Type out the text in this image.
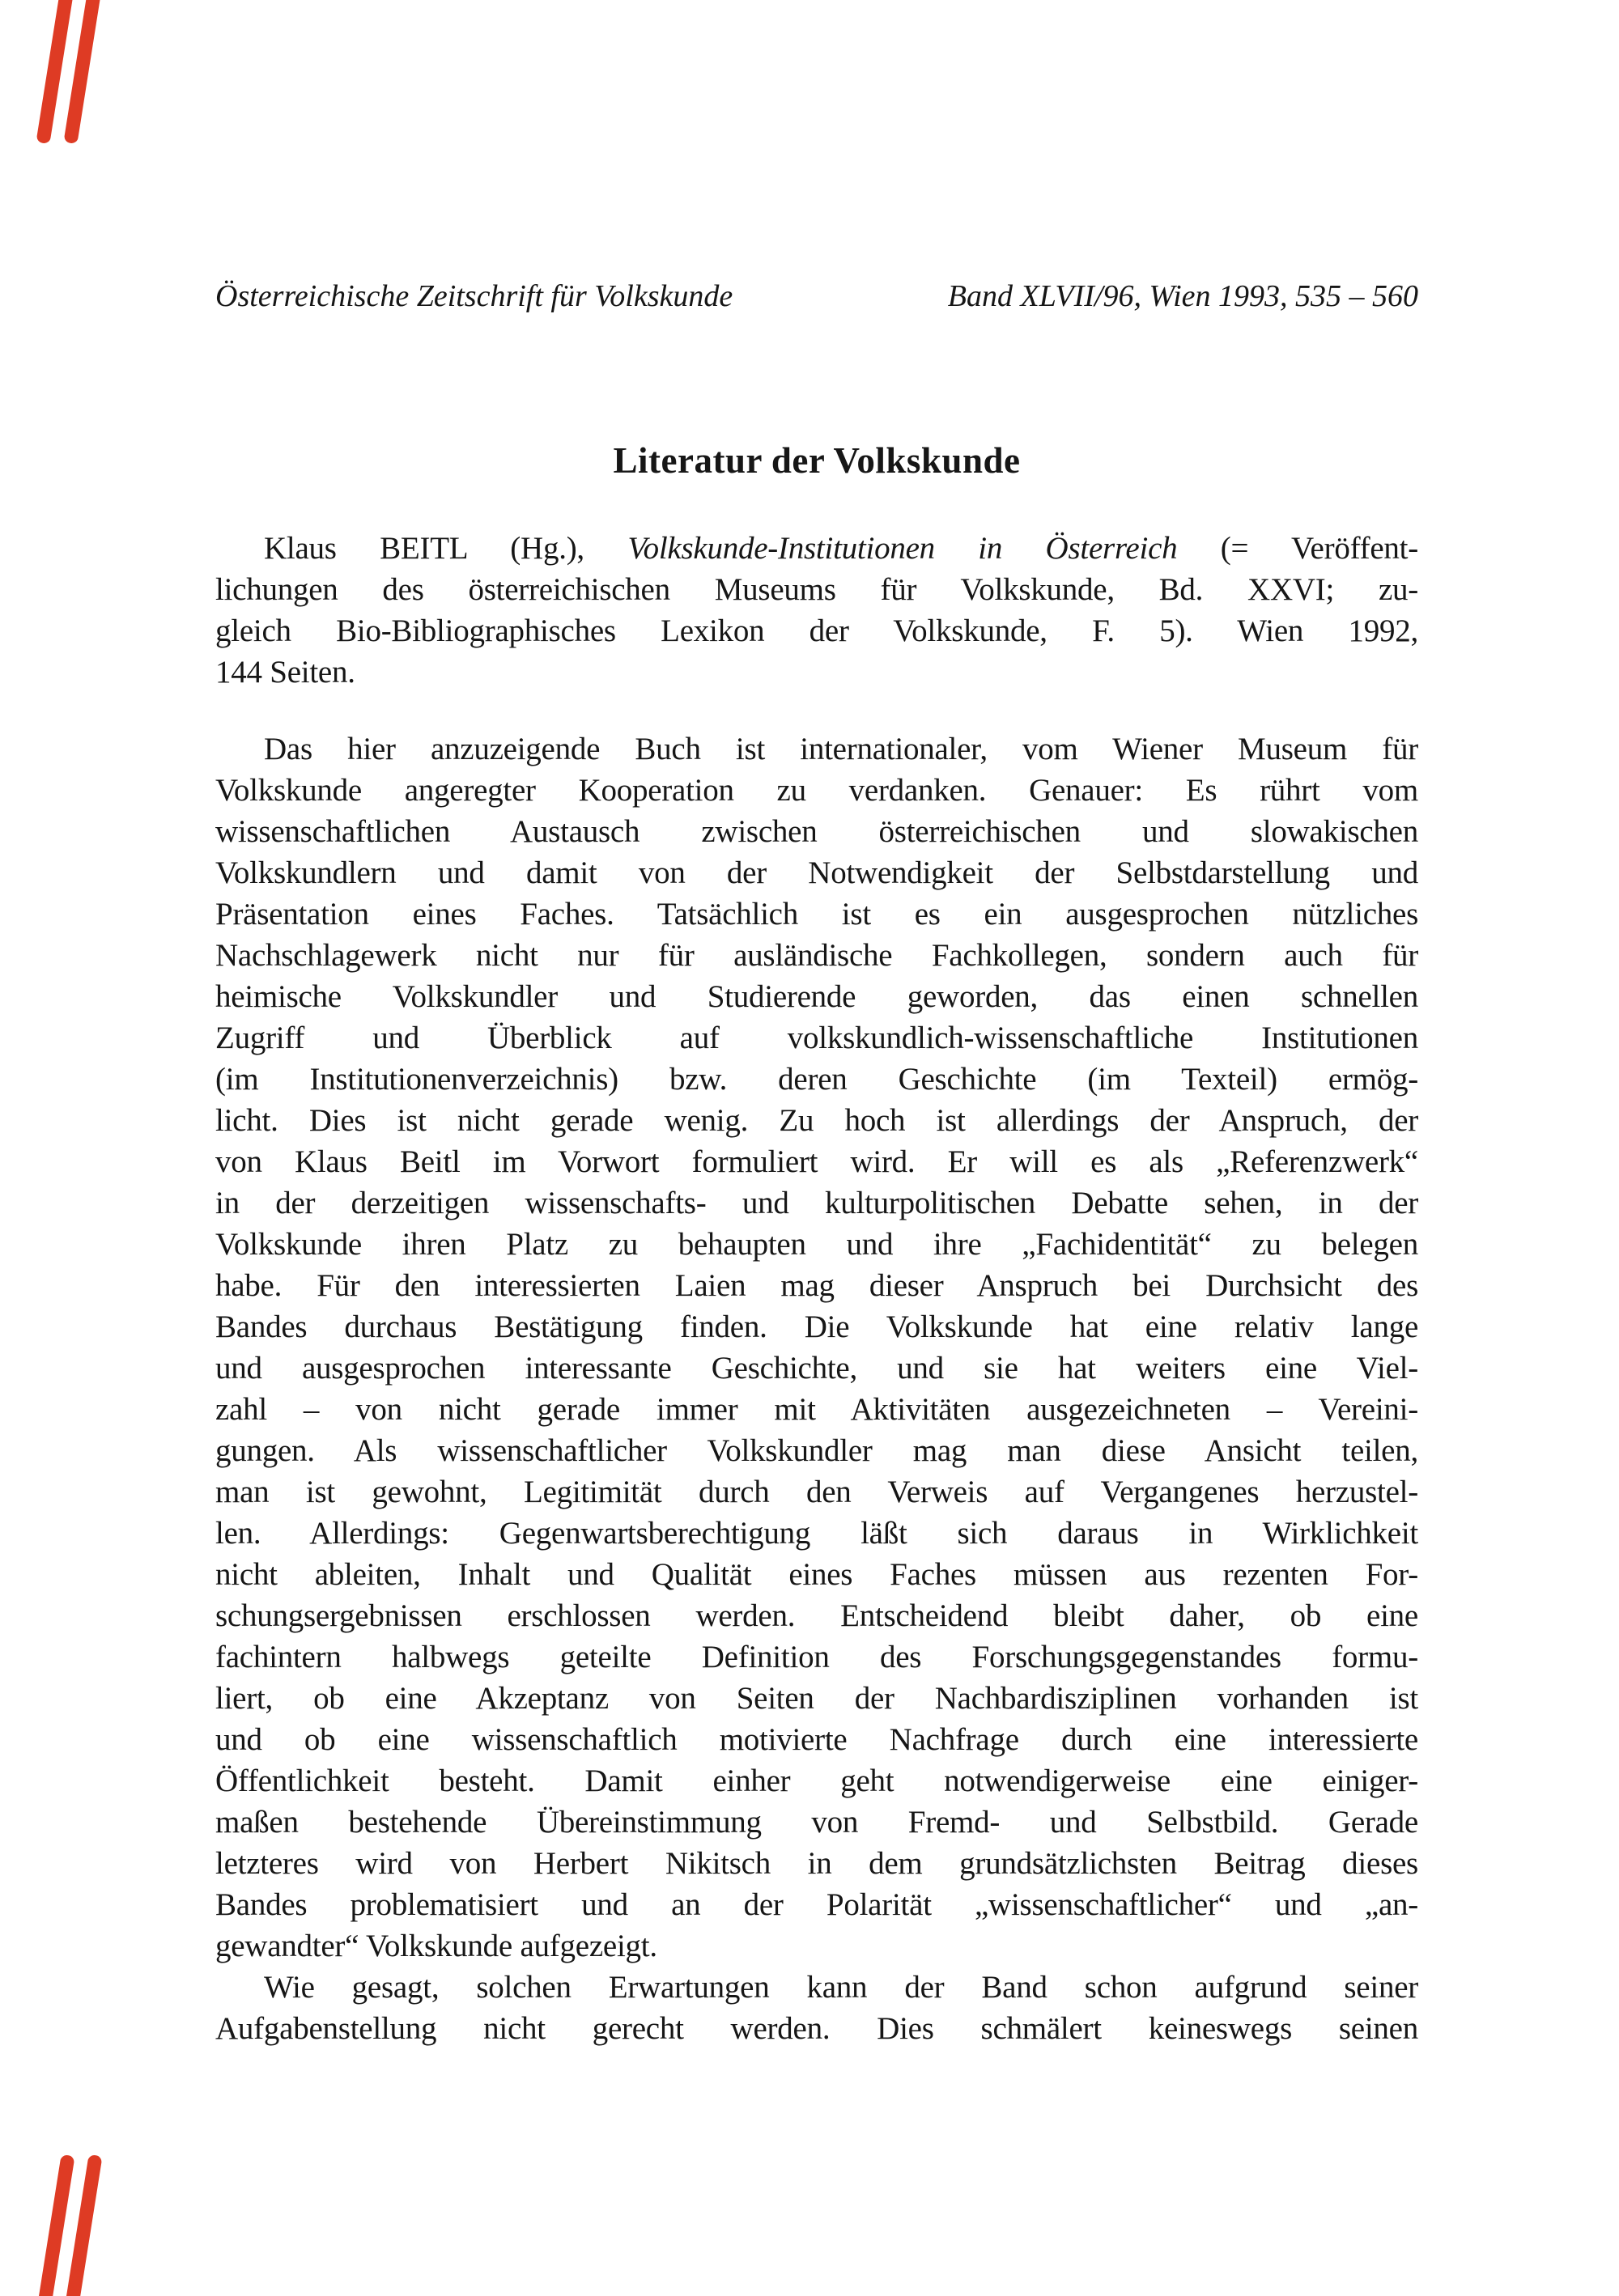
Österreichische Zeitschrift für Volkskunde	Band XLVII/96, Wien 1993, 535 – 560
Literatur der Volkskunde
Klaus BEITL (Hg.), Volkskunde-Institutionen in Österreich (= Veröffent-
lichungen des österreichischen Museums für Volkskunde, Bd. XXVI; zu-
gleich Bio-Bibliographisches Lexikon der Volkskunde, F. 5). Wien 1992,
144 Seiten.
Das hier anzuzeigende Buch ist internationaler, vom Wiener Museum für
Volkskunde angeregter Kooperation zu verdanken. Genauer: Es rührt vom
wissenschaftlichen Austausch zwischen österreichischen und slowakischen
Volkskundlern und damit von der Notwendigkeit der Selbstdarstellung und
Präsentation eines Faches. Tatsächlich ist es ein ausgesprochen nützliches
Nachschlagewerk nicht nur für ausländische Fachkollegen, sondern auch für
heimische Volkskundler und Studierende geworden, das einen schnellen
Zugriff und Überblick auf volkskundlich-wissenschaftliche Institutionen
(im Institutionenverzeichnis) bzw. deren Geschichte (im Texteil) ermög-
licht. Dies ist nicht gerade wenig. Zu hoch ist allerdings der Anspruch, der
von Klaus Beitl im Vorwort formuliert wird. Er will es als „Referenzwerk“
in der derzeitigen wissenschafts- und kulturpolitischen Debatte sehen, in der
Volkskunde ihren Platz zu behaupten und ihre „Fachidentität“ zu belegen
habe. Für den interessierten Laien mag dieser Anspruch bei Durchsicht des
Bandes durchaus Bestätigung finden. Die Volkskunde hat eine relativ lange
und ausgesprochen interessante Geschichte, und sie hat weiters eine Viel-
zahl – von nicht gerade immer mit Aktivitäten ausgezeichneten – Vereini-
gungen. Als wissenschaftlicher Volkskundler mag man diese Ansicht teilen,
man ist gewohnt, Legitimität durch den Verweis auf Vergangenes herzustel-
len. Allerdings: Gegenwartsberechtigung läßt sich daraus in Wirklichkeit
nicht ableiten, Inhalt und Qualität eines Faches müssen aus rezenten For-
schungsergebnissen erschlossen werden. Entscheidend bleibt daher, ob eine
fachintern halbwegs geteilte Definition des Forschungsgegenstandes formu-
liert, ob eine Akzeptanz von Seiten der Nachbardisziplinen vorhanden ist
und ob eine wissenschaftlich motivierte Nachfrage durch eine interessierte
Öffentlichkeit besteht. Damit einher geht notwendigerweise eine einiger-
maßen bestehende Übereinstimmung von Fremd- und Selbstbild. Gerade
letzteres wird von Herbert Nikitsch in dem grundsätzlichsten Beitrag dieses
Bandes problematisiert und an der Polarität „wissenschaftlicher“ und „an-
gewandter“ Volkskunde aufgezeigt.
Wie gesagt, solchen Erwartungen kann der Band schon aufgrund seiner
Aufgabenstellung nicht gerecht werden. Dies schmälert keineswegs seinen
